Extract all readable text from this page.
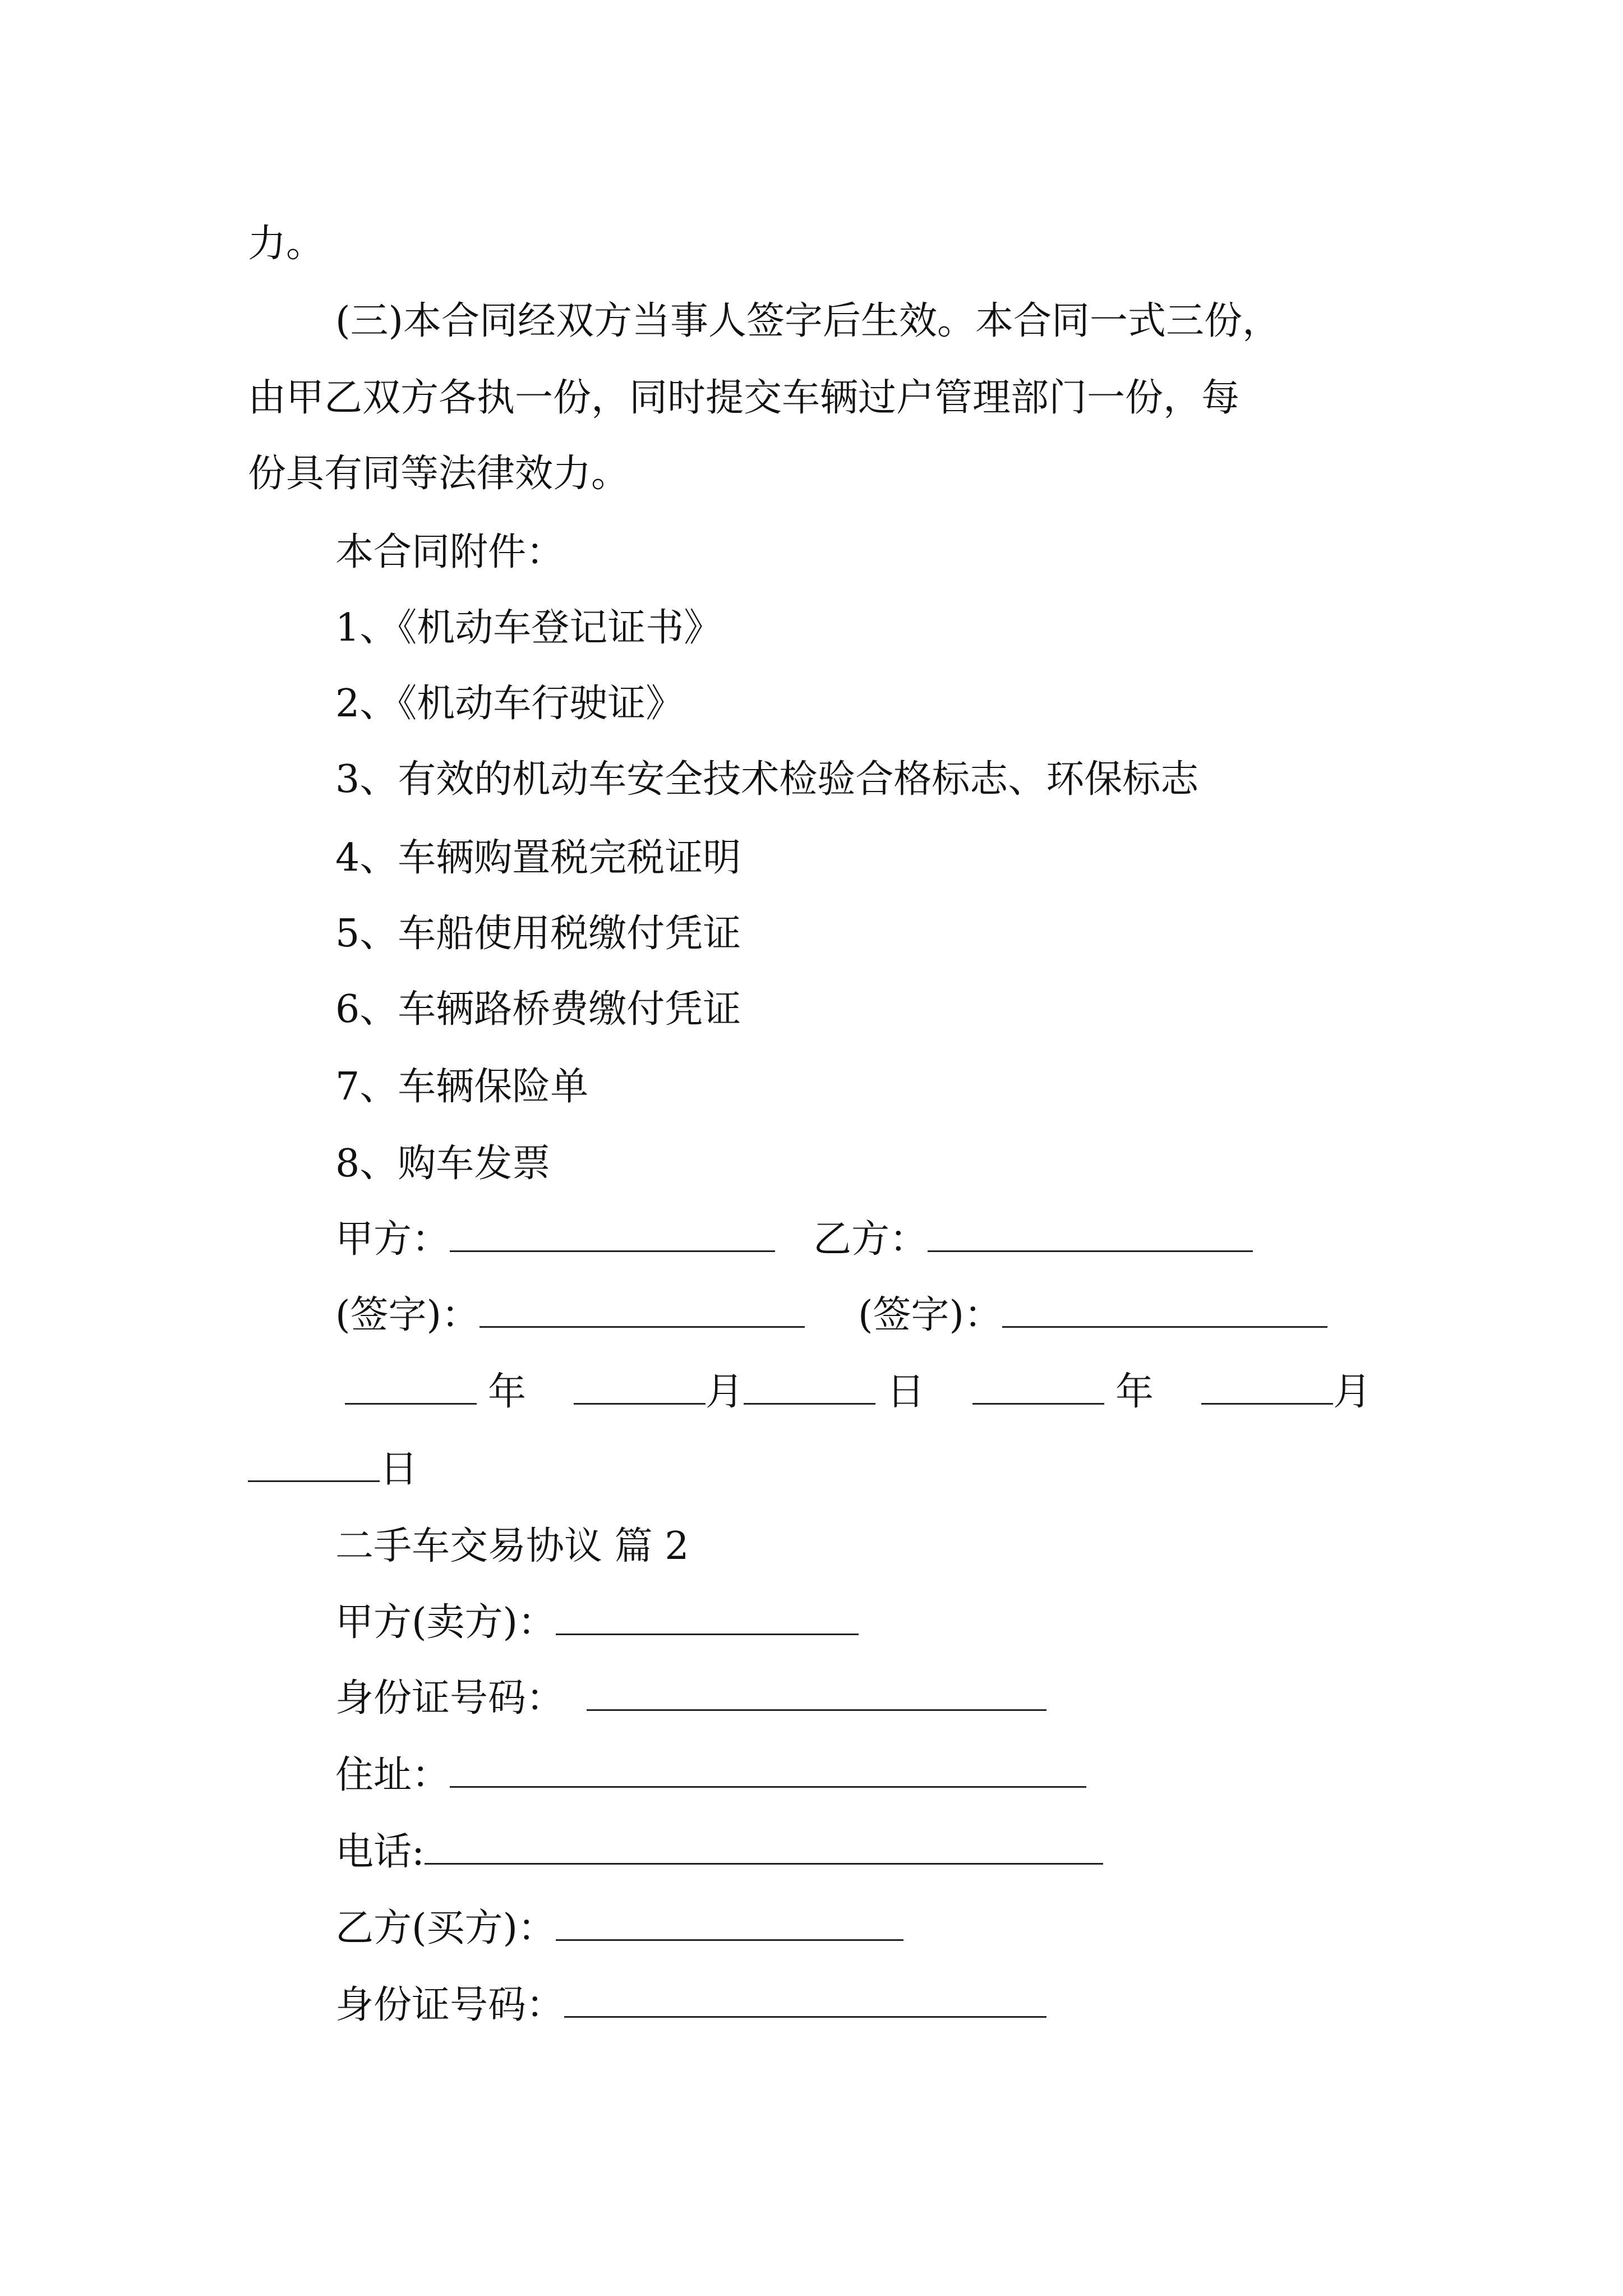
力。
(三)本合同经双方当事人签字后生效。本合同一式三份，
由甲乙双方各执一份，同时提交车辆过户管理部门一份，每
份具有同等法律效力。
本合同附件：
1、《机动车登记证书》
2、《机动车行驶证》
3、有效的机动车安全技术检验合格标志、环保标志
4、车辆购置税完税证明
5、车船使用税缴付凭证
6、车辆路桥费缴付凭证
7、车辆保险单
8、购车发票
甲方：	乙方：
(签字)：	(签字)：
年	月	日	年	月
日
二手车交易协议 篇 2
甲方(卖方)：
身份证号码：
住址：
电话:
乙方(买方)：
身份证号码：
